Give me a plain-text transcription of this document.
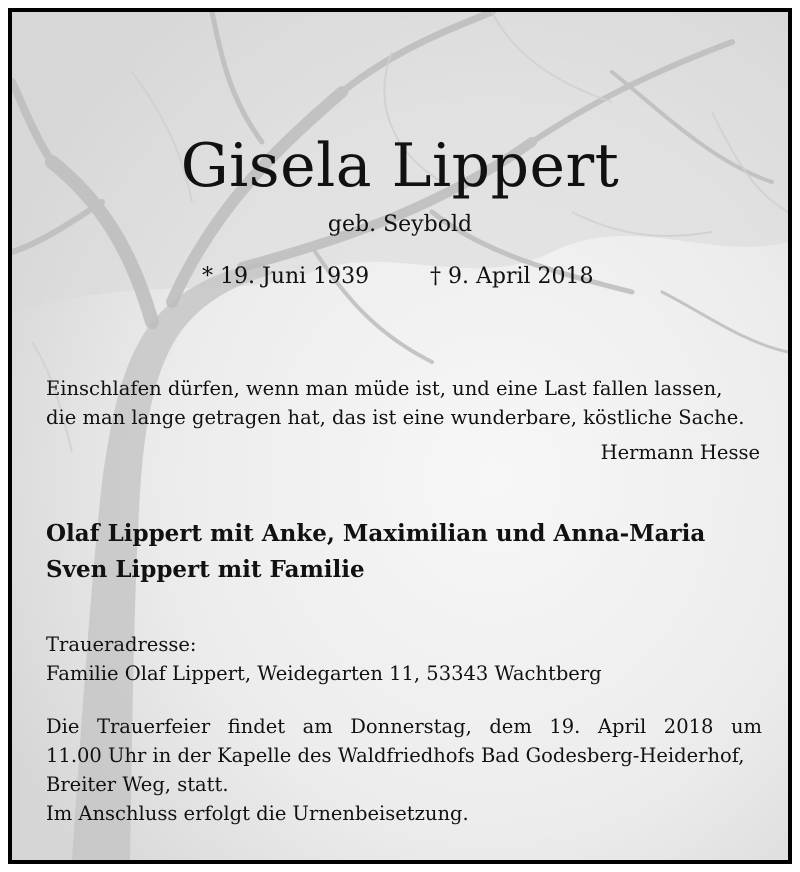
Gisela Lippert
geb. Seybold
* 19. Juni 1939	† 9. April 2018
Einschlafen dürfen, wenn man müde ist, und eine Last fallen lassen,
die man lange getragen hat, das ist eine wunderbare, köstliche Sache.
Hermann Hesse
Olaf Lippert mit Anke, Maximilian und Anna-Maria
Sven Lippert mit Familie
Traueradresse:
Familie Olaf Lippert, Weidegarten 11, 53343 Wachtberg
Die Trauerfeier findet am Donnerstag, dem 19. April 2018 um
11.00 Uhr in der Kapelle des Waldfriedhofs Bad Godesberg-Heiderhof,
Breiter Weg, statt.
Im Anschluss erfolgt die Urnenbeisetzung.
